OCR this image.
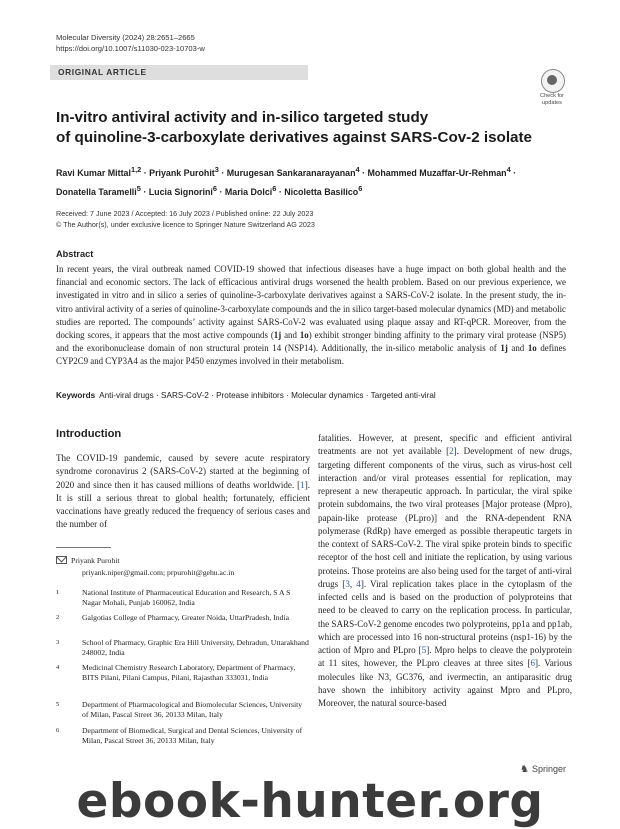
Molecular Diversity (2024) 28:2651–2665
https://doi.org/10.1007/s11030-023-10703-w
ORIGINAL ARTICLE
Check for
updates
In-vitro antiviral activity and in-silico targeted study
of quinoline-3-carboxylate derivatives against SARS-Cov-2 isolate
Ravi Kumar Mittal$^{1,2}$ · Priyank Purohit$^3$ · Murugesan Sankaranarayanan$^4$ · Mohammed Muzaffar-Ur-Rehman$^4$ ·
Donatella Taramelli$^5$ · Lucia Signorini$^6$ · Maria Dolci$^6$ · Nicoletta Basilico$^6$
Received: 7 June 2023 / Accepted: 16 July 2023 / Published online: 22 July 2023
© The Author(s), under exclusive licence to Springer Nature Switzerland AG 2023
Abstract
In recent years, the viral outbreak named COVID-19 showed that infectious diseases have a huge impact on both global health and the financial and economic sectors. The lack of efficacious antiviral drugs worsened the health problem. Based on our previous experience, we investigated in vitro and in silico a series of quinoline-3-carboxylate derivatives against a SARS-CoV-2 isolate. In the present study, the in-vitro antiviral activity of a series of quinoline-3-carboxylate compounds and the in silico target-based molecular dynamics (MD) and metabolic studies are reported. The compounds’ activity against SARS-CoV-2 was evaluated using plaque assay and RT-qPCR. Moreover, from the docking scores, it appears that the most active compounds (1j and 1o) exhibit stronger binding affinity to the primary viral protease (NSP5) and the exoribonuclease domain of non structural protein 14 (NSP14). Additionally, the in-silico metabolic analysis of 1j and 1o defines CYP2C9 and CYP3A4 as the major P450 enzymes involved in their metabolism.
Keywords Anti-viral drugs · SARS-CoV-2 · Protease inhibitors · Molecular dynamics · Targeted anti-viral
Introduction
The COVID-19 pandemic, caused by severe acute respiratory syndrome coronavirus 2 (SARS-CoV-2) started at the beginning of 2020 and since then it has caused millions of deaths worldwide. [1]. It is still a serious threat to global health; fortunately, efficient vaccinations have greatly reduced the frequency of serious cases and the number of
fatalities. However, at present, specific and efficient antiviral treatments are not yet available [2]. Development of new drugs, targeting different components of the virus, such as virus-host cell interaction and/or viral proteases essential for replication, may represent a new therapeutic approach. In particular, the viral spike protein subdomains, the two viral proteases [Major protease (Mpro), papain-like protease (PLpro)] and the RNA-dependent RNA polymerase (RdRp) have emerged as possible therapeutic targets in the context of SARS-CoV-2. The viral spike protein binds to specific receptor of the host cell and initiate the replication, by using various proteins. Those proteins are also being used for the target of anti-viral drugs [3, 4]. Viral replication takes place in the cytoplasm of the infected cells and is based on the production of polyproteins that need to be cleaved to carry on the replication process. In particular, the SARS-CoV-2 genome encodes two polyproteins, pp1a and pp1ab, which are processed into 16 non-structural proteins (nsp1-16) by the action of Mpro and PLpro [5]. Mpro helps to cleave the polyprotein at 11 sites, however, the PLpro cleaves at three sites [6]. Various molecules like N3, GC376, and ivermectin, an antiparasitic drug have shown the inhibitory activity against Mpro and PLpro, Moreover, the natural source-based
Priyank Purohit
priyank.niper@gmail.com; prpurohit@gehu.ac.in
1	National Institute of Pharmaceutical Education and Research, S A S Nagar Mohali, Punjab 160062, India
2	Galgotias College of Pharmacy, Greater Noida, UttarPradesh, India
3	School of Pharmacy, Graphic Era Hill University, Dehradun, Uttarakhand 248002, India
4	Medicinal Chemistry Research Laboratory, Department of Pharmacy, BITS Pilani, Pilani Campus, Pilani, Rajasthan 333031, India
5	Department of Pharmacological and Biomolecular Sciences, University of Milan, Pascal Street 36, 20133 Milan, Italy
6	Department of Biomedical, Surgical and Dental Sciences, University of Milan, Pascal Street 36, 20133 Milan, Italy
♞ Springer
ebook-hunter.org
